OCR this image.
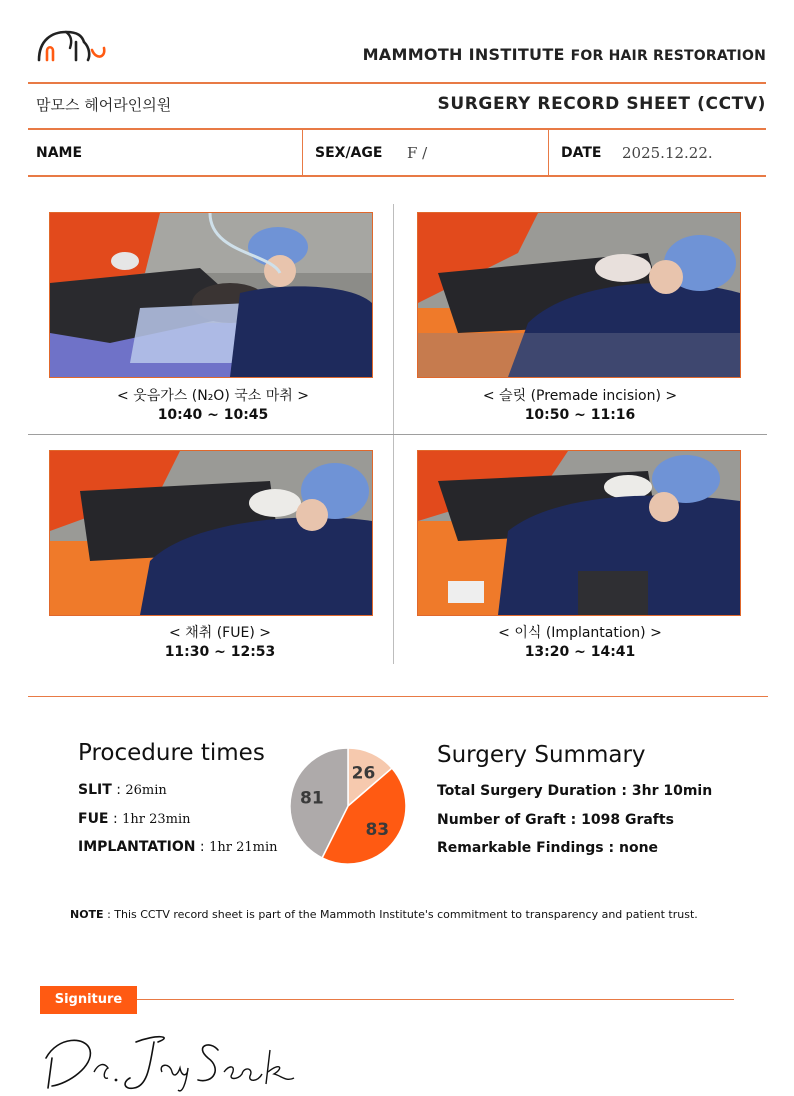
MAMMOTH INSTITUTE FOR HAIR RESTORATION
맘모스 헤어라인의원	SURGERY RECORD SHEET (CCTV)
NAME	SEX/AGE F /	DATE 2025.12.22.
< 웃음가스 (N₂O) 국소 마취 >
10:40 ~ 10:45
< 슬릿 (Premade incision) >
10:50 ~ 11:16
< 채취 (FUE) >
11:30 ~ 12:53
< 이식 (Implantation) >
13:20 ~ 14:41
Procedure times
SLIT : 26min
FUE : 1hr 23min
IMPLANTATION : 1hr 21min
26
83
81
Surgery Summary
Total Surgery Duration : 3hr 10min
Number of Graft : 1098 Grafts
Remarkable Findings : none
NOTE : This CCTV record sheet is part of the Mammoth Institute's commitment to transparency and patient trust.
Signiture
